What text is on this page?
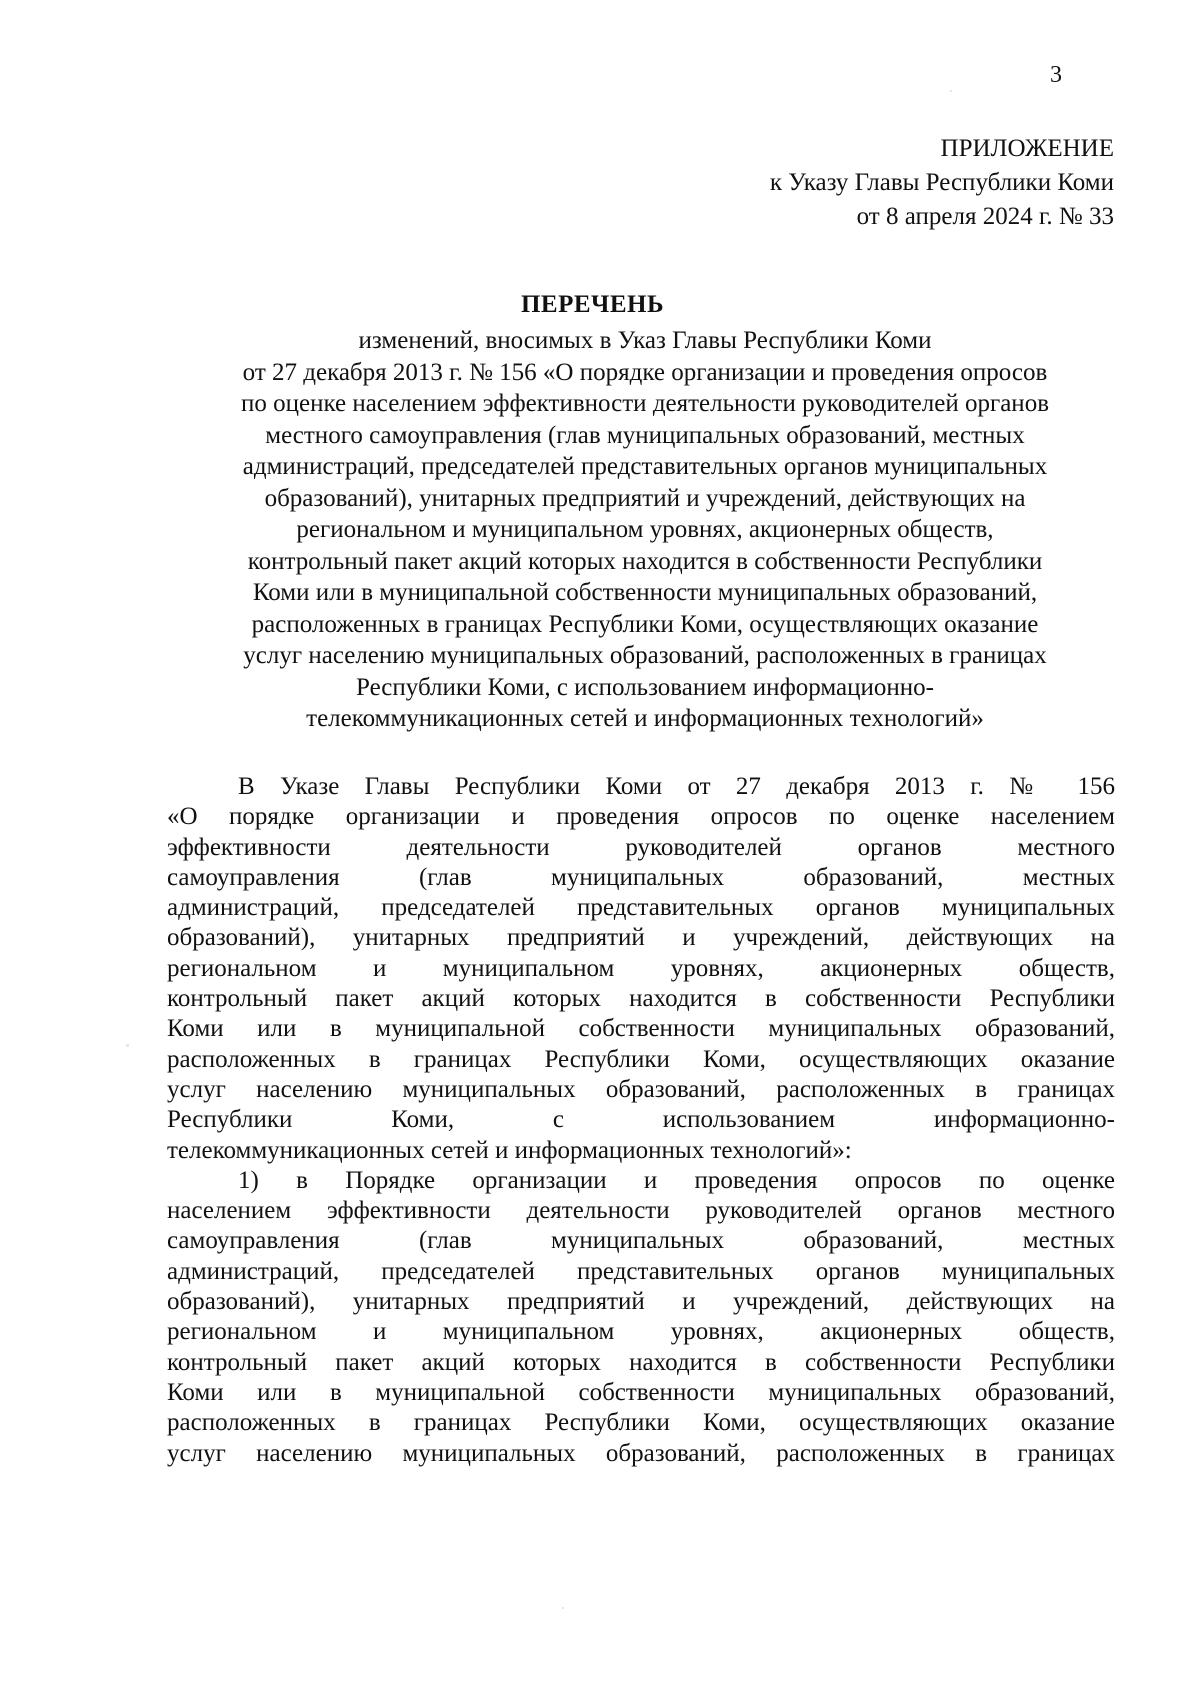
3
ПРИЛОЖЕНИЕ
к Указу Главы Республики Коми
от 8 апреля 2024 г. № 33
ПЕРЕЧЕНЬ
изменений, вносимых в Указ Главы Республики Коми
от 27 декабря 2013 г. № 156 «О порядке организации и проведения опросов
по оценке населением эффективности деятельности руководителей органов
местного самоуправления (глав муниципальных образований, местных
администраций, председателей представительных органов муниципальных
образований), унитарных предприятий и учреждений, действующих на
региональном и муниципальном уровнях, акционерных обществ,
контрольный пакет акций которых находится в собственности Республики
Коми или в муниципальной собственности муниципальных образований,
расположенных в границах Республики Коми, осуществляющих оказание
услуг населению муниципальных образований, расположенных в границах
Республики Коми, с использованием информационно-
телекоммуникационных сетей и информационных технологий»
В Указе Главы Республики Коми от 27 декабря 2013 г. № 156
«О порядке организации и проведения опросов по оценке населением
эффективности деятельности руководителей органов местного
самоуправления (глав муниципальных образований, местных
администраций, председателей представительных органов муниципальных
образований), унитарных предприятий и учреждений, действующих на
региональном и муниципальном уровнях, акционерных обществ,
контрольный пакет акций которых находится в собственности Республики
Коми или в муниципальной собственности муниципальных образований,
расположенных в границах Республики Коми, осуществляющих оказание
услуг населению муниципальных образований, расположенных в границах
Республики Коми, с использованием информационно-
телекоммуникационных сетей и информационных технологий»:
1) в Порядке организации и проведения опросов по оценке
населением эффективности деятельности руководителей органов местного
самоуправления (глав муниципальных образований, местных
администраций, председателей представительных органов муниципальных
образований), унитарных предприятий и учреждений, действующих на
региональном и муниципальном уровнях, акционерных обществ,
контрольный пакет акций которых находится в собственности Республики
Коми или в муниципальной собственности муниципальных образований,
расположенных в границах Республики Коми, осуществляющих оказание
услуг населению муниципальных образований, расположенных в границах
